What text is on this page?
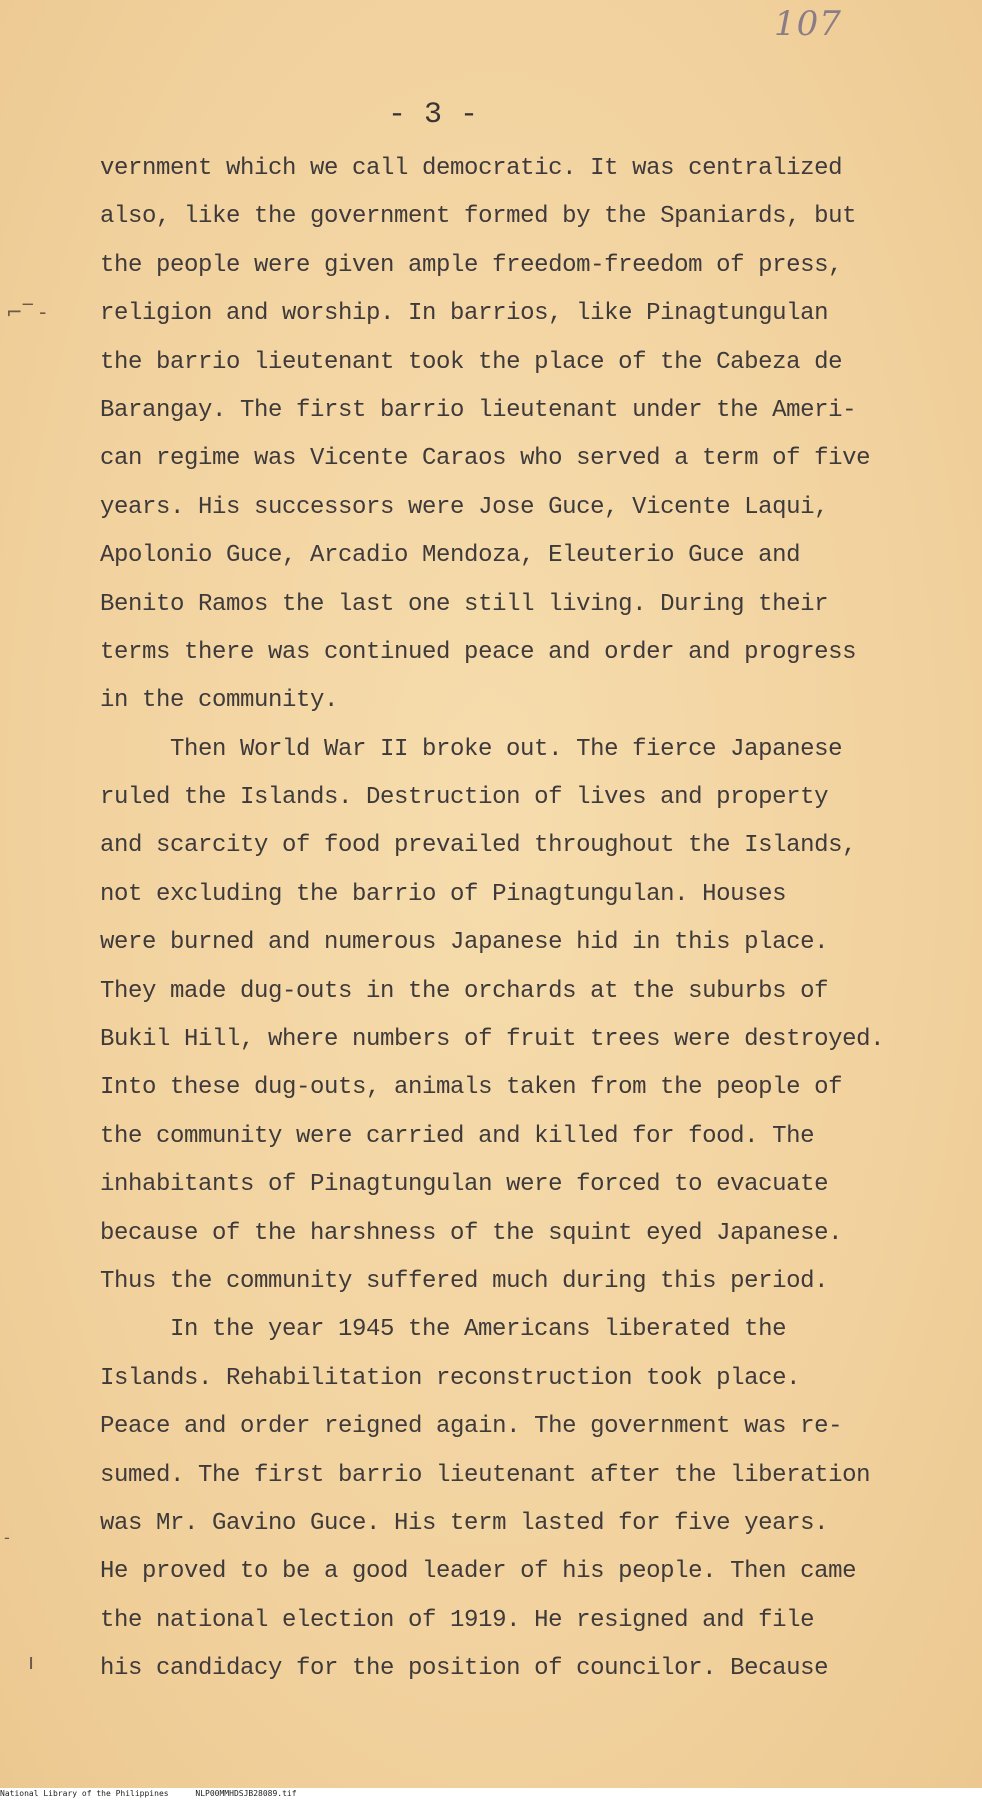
107
- 3 -
⌐‾ -
-
ı
vernment which we call democratic. It was centralized
also, like the government formed by the Spaniards, but
the people were given ample freedom-freedom of press,
religion and worship. In barrios, like Pinagtungulan
the barrio lieutenant took the place of the Cabeza de
Barangay. The first barrio lieutenant under the Ameri-
can regime was Vicente Caraos who served a term of five
years. His successors were Jose Guce, Vicente Laqui,
Apolonio Guce, Arcadio Mendoza, Eleuterio Guce and
Benito Ramos the last one still living. During their
terms there was continued peace and order and progress
in the community.
Then World War II broke out. The fierce Japanese
ruled the Islands. Destruction of lives and property
and scarcity of food prevailed throughout the Islands,
not excluding the barrio of Pinagtungulan. Houses
were burned and numerous Japanese hid in this place.
They made dug-outs in the orchards at the suburbs of
Bukil Hill, where numbers of fruit trees were destroyed.
Into these dug-outs, animals taken from the people of
the community were carried and killed for food. The
inhabitants of Pinagtungulan were forced to evacuate
because of the harshness of the squint eyed Japanese.
Thus the community suffered much during this period.
In the year 1945 the Americans liberated the
Islands. Rehabilitation reconstruction took place.
Peace and order reigned again. The government was re-
sumed. The first barrio lieutenant after the liberation
was Mr. Gavino Guce. His term lasted for five years.
He proved to be a good leader of his people. Then came
the national election of 1919. He resigned and file
his candidacy for the position of councilor. Because
National Library of the Philippines	NLP00MMHDSJB28089.tif
